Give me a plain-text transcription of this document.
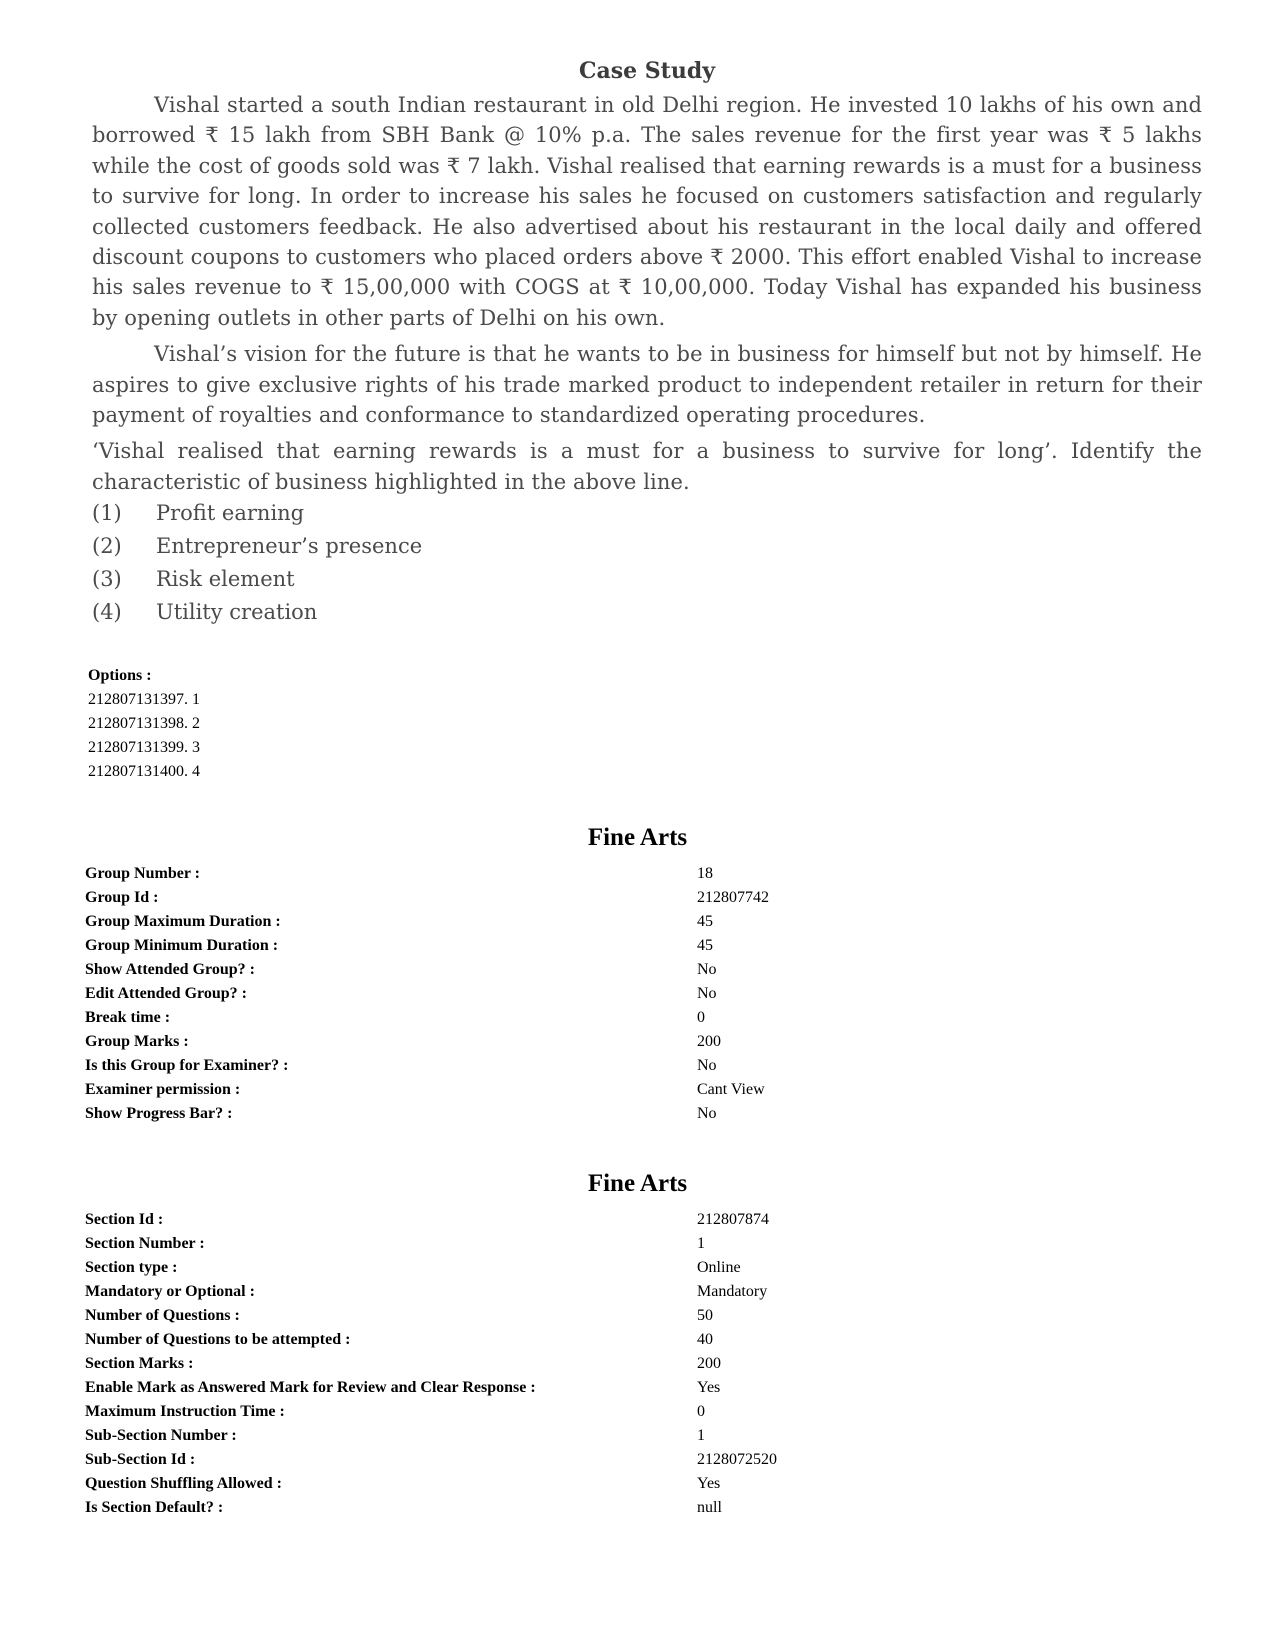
Case Study

Vishal started a south Indian restaurant in old Delhi region. He invested 10 lakhs of his own and borrowed ₹ 15 lakh from SBH Bank @ 10% p.a. The sales revenue for the first year was ₹ 5 lakhs while the cost of goods sold was ₹ 7 lakh. Vishal realised that earning rewards is a must for a business to survive for long. In order to increase his sales he focused on customers satisfaction and regularly collected customers feedback. He also advertised about his restaurant in the local daily and offered discount coupons to customers who placed orders above ₹ 2000. This effort enabled Vishal to increase his sales revenue to ₹ 15,00,000 with COGS at ₹ 10,00,000. Today Vishal has expanded his business by opening outlets in other parts of Delhi on his own.

Vishal’s vision for the future is that he wants to be in business for himself but not by himself. He aspires to give exclusive rights of his trade marked product to independent retailer in return for their payment of royalties and conformance to standardized operating procedures.

‘Vishal realised that earning rewards is a must for a business to survive for long’. Identify the characteristic of business highlighted in the above line.

(1)	Profit earning
(2)	Entrepreneur’s presence
(3)	Risk element
(4)	Utility creation
Options :
212807131397. 1
212807131398. 2
212807131399. 3
212807131400. 4
Fine Arts
Group Number :	18
Group Id :	212807742
Group Maximum Duration :	45
Group Minimum Duration :	45
Show Attended Group? :	No
Edit Attended Group? :	No
Break time :	0
Group Marks :	200
Is this Group for Examiner? :	No
Examiner permission :	Cant View
Show Progress Bar? :	No
Fine Arts
Section Id :	212807874
Section Number :	1
Section type :	Online
Mandatory or Optional :	Mandatory
Number of Questions :	50
Number of Questions to be attempted :	40
Section Marks :	200
Enable Mark as Answered Mark for Review and Clear Response :	Yes
Maximum Instruction Time :	0
Sub-Section Number :	1
Sub-Section Id :	2128072520
Question Shuffling Allowed :	Yes
Is Section Default? :	null
